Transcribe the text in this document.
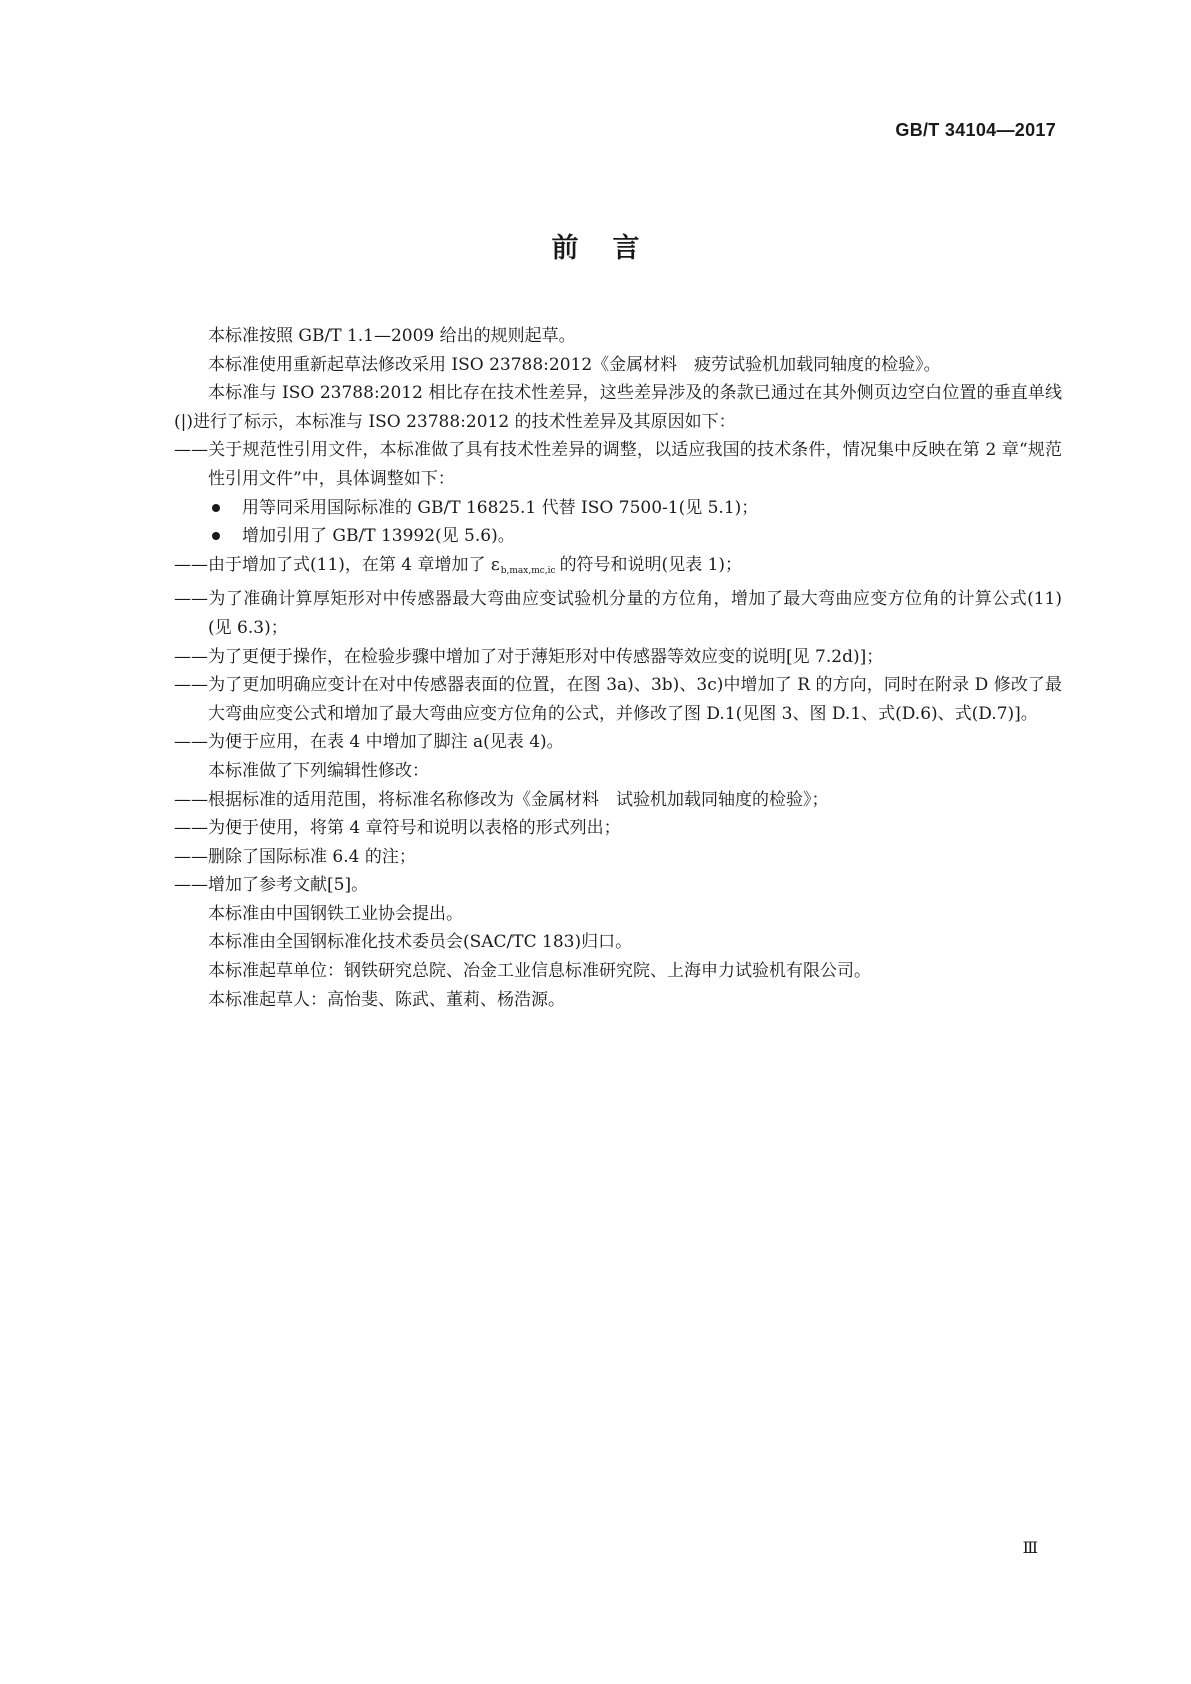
GB/T 34104—2017
前言

本标准按照 GB/T 1.1—2009 给出的规则起草。

本标准使用重新起草法修改采用 ISO 23788:2012《金属材料　疲劳试验机加载同轴度的检验》。

本标准与 ISO 23788:2012 相比存在技术性差异，这些差异涉及的条款已通过在其外侧页边空白位置的垂直单线(|)进行了标示，本标准与 ISO 23788:2012 的技术性差异及其原因如下：

——关于规范性引用文件，本标准做了具有技术性差异的调整，以适应我国的技术条件，情况集中反映在第 2 章“规范性引用文件”中，具体调整如下：

用等同采用国际标准的 GB/T 16825.1 代替 ISO 7500-1(见 5.1)；

增加引用了 GB/T 13992(见 5.6)。

——由于增加了式(11)，在第 4 章增加了 $\varepsilon_{b,max,mc,ic}$ 的符号和说明(见表 1)；

——为了准确计算厚矩形对中传感器最大弯曲应变试验机分量的方位角，增加了最大弯曲应变方位角的计算公式(11)(见 6.3)；

——为了更便于操作，在检验步骤中增加了对于薄矩形对中传感器等效应变的说明[见 7.2d)]；

——为了更加明确应变计在对中传感器表面的位置，在图 3a)、3b)、3c)中增加了 R 的方向，同时在附录 D 修改了最大弯曲应变公式和增加了最大弯曲应变方位角的公式，并修改了图 D.1(见图 3、图 D.1、式(D.6)、式(D.7)]。

——为便于应用，在表 4 中增加了脚注 a(见表 4)。

本标准做了下列编辑性修改：

——根据标准的适用范围，将标准名称修改为《金属材料　试验机加载同轴度的检验》；

——为便于使用，将第 4 章符号和说明以表格的形式列出；

——删除了国际标准 6.4 的注；

——增加了参考文献[5]。

本标准由中国钢铁工业协会提出。

本标准由全国钢标准化技术委员会(SAC/TC 183)归口。

本标准起草单位：钢铁研究总院、冶金工业信息标准研究院、上海申力试验机有限公司。

本标准起草人：高怡斐、陈武、董莉、杨浩源。

Ⅲ
